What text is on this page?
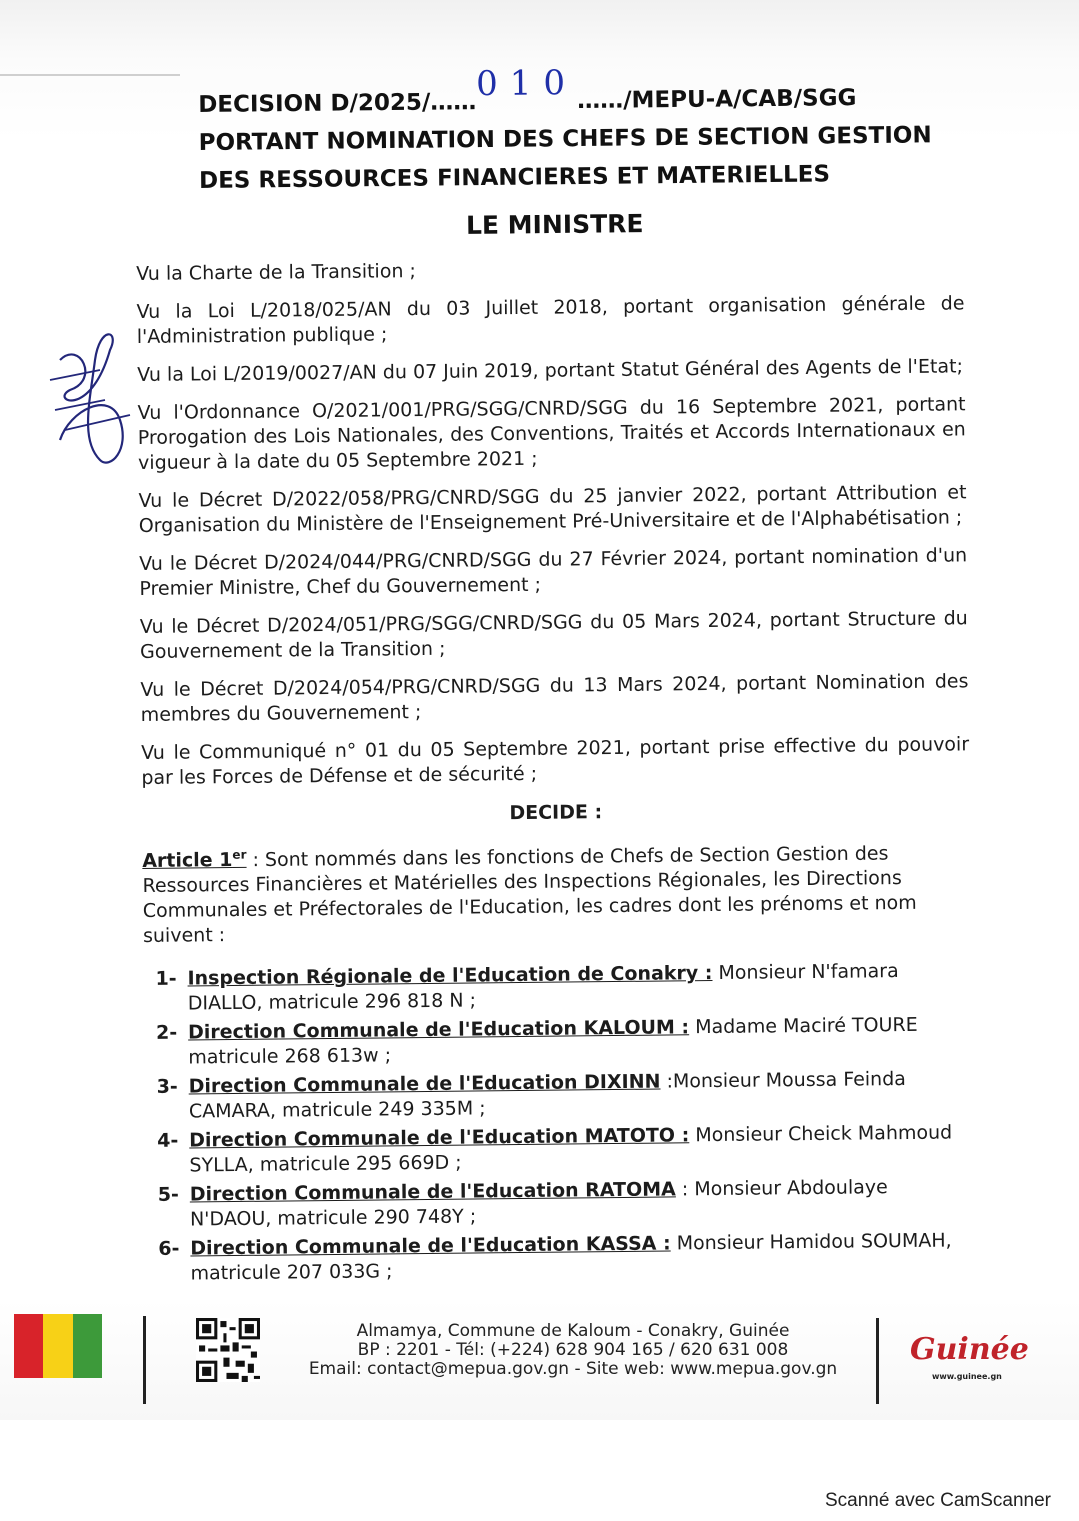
DECISION D/2025/……010……/MEPU-A/CAB/SGG
PORTANT NOMINATION DES CHEFS DE SECTION GESTION
DES RESSOURCES FINANCIERES ET MATERIELLES
LE MINISTRE

Vu la Charte de la Transition ;

Vu la Loi L/2018/025/AN du 03 Juillet 2018, portant organisation générale de l'Administration publique ;

Vu la Loi L/2019/0027/AN du 07 Juin 2019, portant Statut Général des Agents de l'Etat;

Vu l'Ordonnance O/2021/001/PRG/SGG/CNRD/SGG du 16 Septembre 2021, portant Prorogation des Lois Nationales, des Conventions, Traités et Accords Internationaux en vigueur à la date du 05 Septembre 2021 ;

Vu le Décret D/2022/058/PRG/CNRD/SGG du 25 janvier 2022, portant Attribution et Organisation du Ministère de l'Enseignement Pré-Universitaire et de l'Alphabétisation ;

Vu le Décret D/2024/044/PRG/CNRD/SGG du 27 Février 2024, portant nomination d'un Premier Ministre, Chef du Gouvernement ;

Vu le Décret D/2024/051/PRG/SGG/CNRD/SGG du 05 Mars 2024, portant Structure du Gouvernement de la Transition ;

Vu le Décret D/2024/054/PRG/CNRD/SGG du 13 Mars 2024, portant Nomination des membres du Gouvernement ;

Vu le Communiqué n° 01 du 05 Septembre 2021, portant prise effective du pouvoir par les Forces de Défense et de sécurité ;

DECIDE :

Article 1er : Sont nommés dans les fonctions de Chefs de Section Gestion des Ressources Financières et Matérielles des Inspections Régionales, les Directions Communales et Préfectorales de l'Education, les cadres dont les prénoms et nom suivent :

1- Inspection Régionale de l'Education de Conakry : Monsieur N'famara DIALLO, matricule 296 818 N ;
2- Direction Communale de l'Education KALOUM : Madame Maciré TOURE matricule 268 613w ;
3- Direction Communale de l'Education DIXINN :Monsieur Moussa Feinda CAMARA, matricule 249 335M ;
4- Direction Communale de l'Education MATOTO : Monsieur Cheick Mahmoud SYLLA, matricule 295 669D ;
5- Direction Communale de l'Education RATOMA : Monsieur Abdoulaye N'DAOU, matricule 290 748Y ;
6- Direction Communale de l'Education KASSA : Monsieur Hamidou SOUMAH, matricule 207 033G ;
Almamya, Commune de Kaloum - Conakry, Guinée
BP : 2201 - Tél: (+224) 628 904 165 / 620 631 008
Email: contact@mepua.gov.gn - Site web: www.mepua.gov.gn
Guinée
www.guinee.gn
Scanné avec CamScanner
